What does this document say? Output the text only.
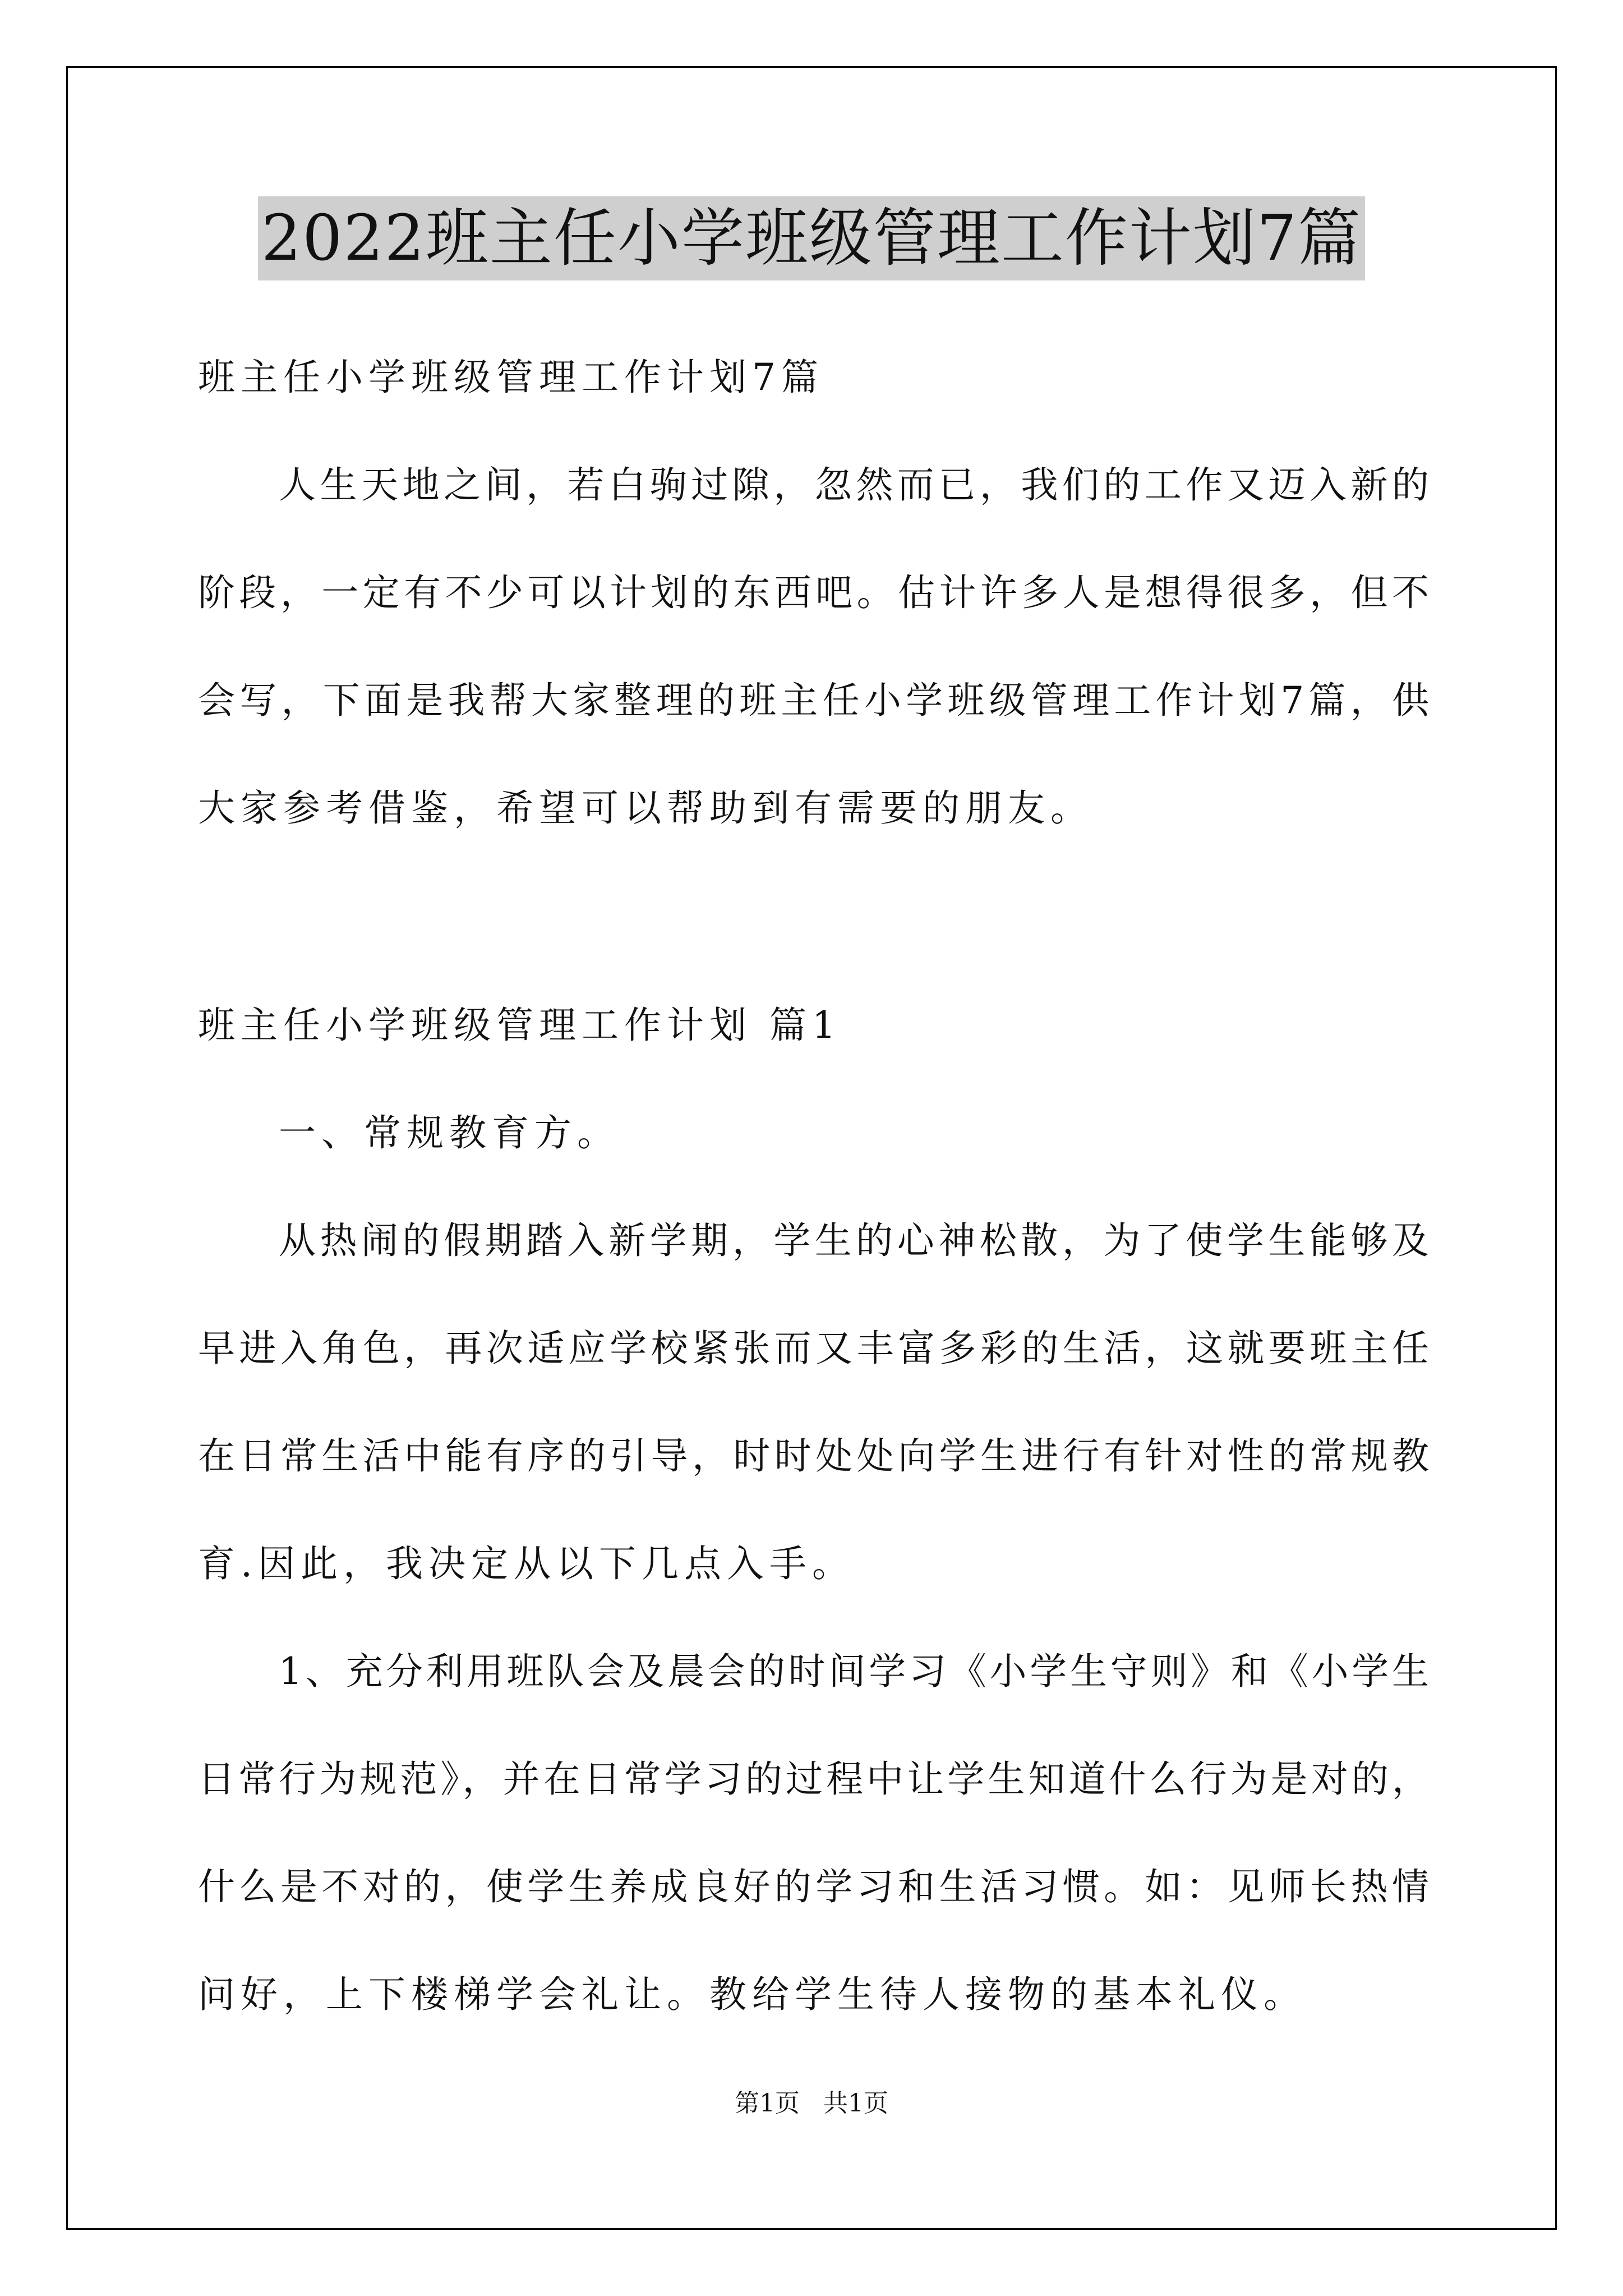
2022班主任小学班级管理工作计划7篇
班主任小学班级管理工作计划7篇
人生天地之间，若白驹过隙，忽然而已，我们的工作又迈入新的
阶段，一定有不少可以计划的东西吧。估计许多人是想得很多，但不
会写，下面是我帮大家整理的班主任小学班级管理工作计划7篇，供
大家参考借鉴，希望可以帮助到有需要的朋友。
班主任小学班级管理工作计划 篇1
一、常规教育方。
从热闹的假期踏入新学期，学生的心神松散，为了使学生能够及
早进入角色，再次适应学校紧张而又丰富多彩的生活，这就要班主任
在日常生活中能有序的引导，时时处处向学生进行有针对性的常规教
育.因此，我决定从以下几点入手。
1、充分利用班队会及晨会的时间学习《小学生守则》和《小学生
日常行为规范》，并在日常学习的过程中让学生知道什么行为是对的，
什么是不对的，使学生养成良好的学习和生活习惯。如：见师长热情
问好，上下楼梯学会礼让。教给学生待人接物的基本礼仪。
第1页   共1页
